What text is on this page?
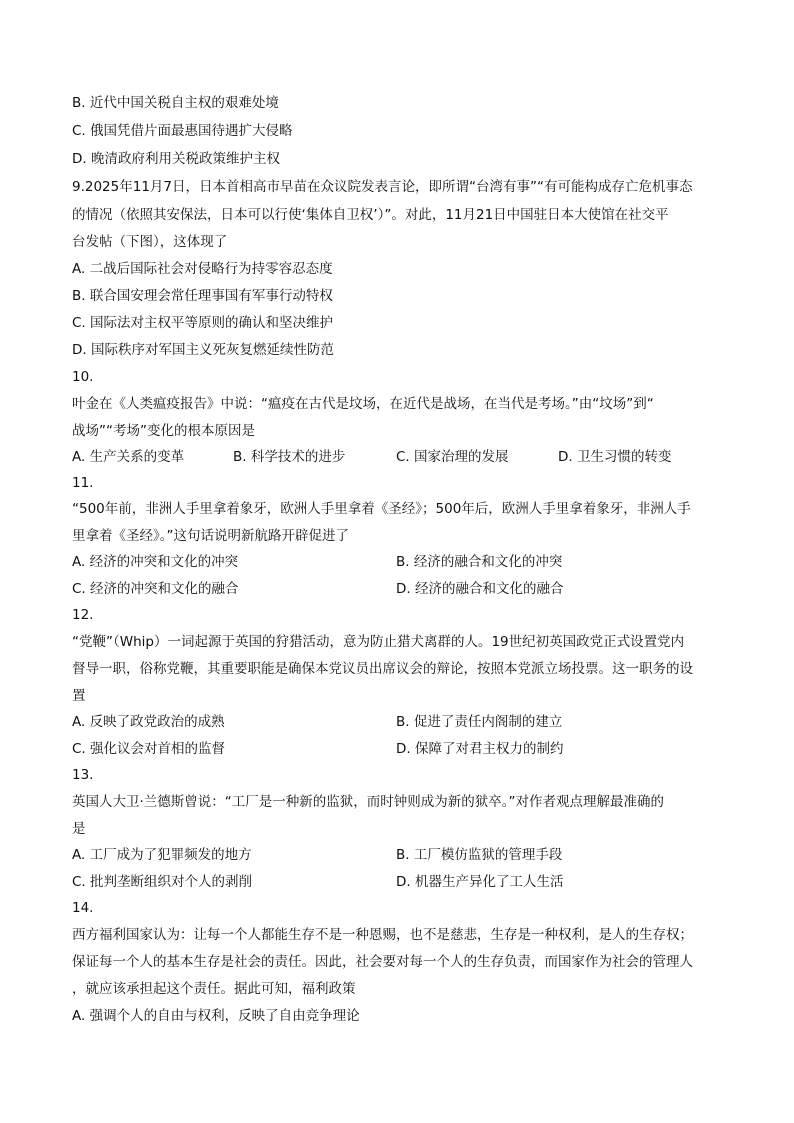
B. 近代中国关税自主权的艰难处境
C. 俄国凭借片面最惠国待遇扩大侵略
D. 晚清政府利用关税政策维护主权
9.2025年11月7日，日本首相高市早苗在众议院发表言论，即所谓“台湾有事”“有可能构成存亡危机事态
的情况（依照其安保法，日本可以行使‘集体自卫权’）”。对此，11月21日中国驻日本大使馆在社交平
台发帖（下图），这体现了
A. 二战后国际社会对侵略行为持零容忍态度
B. 联合国安理会常任理事国有军事行动特权
C. 国际法对主权平等原则的确认和坚决维护
D. 国际秩序对军国主义死灰复燃延续性防范
10.
叶金在《人类瘟疫报告》中说：“瘟疫在古代是坟场，在近代是战场，在当代是考场。”由“坟场”到“
战场”“考场”变化的根本原因是
A. 生产关系的变革	B. 科学技术的进步	C. 国家治理的发展	D. 卫生习惯的转变
11.
“500年前，非洲人手里拿着象牙，欧洲人手里拿着《圣经》；500年后，欧洲人手里拿着象牙，非洲人手
里拿着《圣经》。”这句话说明新航路开辟促进了
A. 经济的冲突和文化的冲突	B. 经济的融合和文化的冲突
C. 经济的冲突和文化的融合	D. 经济的融合和文化的融合
12.
“党鞭”（Whip）一词起源于英国的狩猎活动，意为防止猎犬离群的人。19世纪初英国政党正式设置党内
督导一职，俗称党鞭，其重要职能是确保本党议员出席议会的辩论，按照本党派立场投票。这一职务的设
置
A. 反映了政党政治的成熟	B. 促进了责任内阁制的建立
C. 强化议会对首相的监督	D. 保障了对君主权力的制约
13.
英国人大卫·兰德斯曾说：“工厂是一种新的监狱，而时钟则成为新的狱卒。”对作者观点理解最准确的
是
A. 工厂成为了犯罪频发的地方	B. 工厂模仿监狱的管理手段
C. 批判垄断组织对个人的剥削	D. 机器生产异化了工人生活
14.
西方福利国家认为：让每一个人都能生存不是一种恩赐，也不是慈悲，生存是一种权利，是人的生存权；
保证每一个人的基本生存是社会的责任。因此，社会要对每一个人的生存负责，而国家作为社会的管理人
，就应该承担起这个责任。据此可知，福利政策
A. 强调个人的自由与权利，反映了自由竞争理论
